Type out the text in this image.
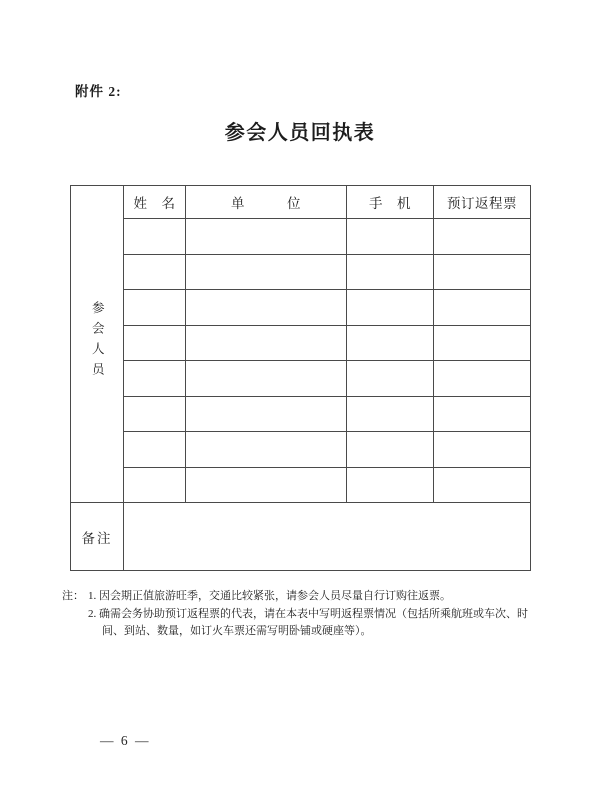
附件 2:
参会人员回执表
参会人员	姓　名	单　　　位	手　机	预订返程票

备注				
注： 1. 因会期正值旅游旺季，交通比较紧张，请参会人员尽量自行订购往返票。
2. 确需会务协助预订返程票的代表，请在本表中写明返程票情况（包括所乘航班或车次、时间、到站、数量，如订火车票还需写明卧铺或硬座等）。
— 6 —
